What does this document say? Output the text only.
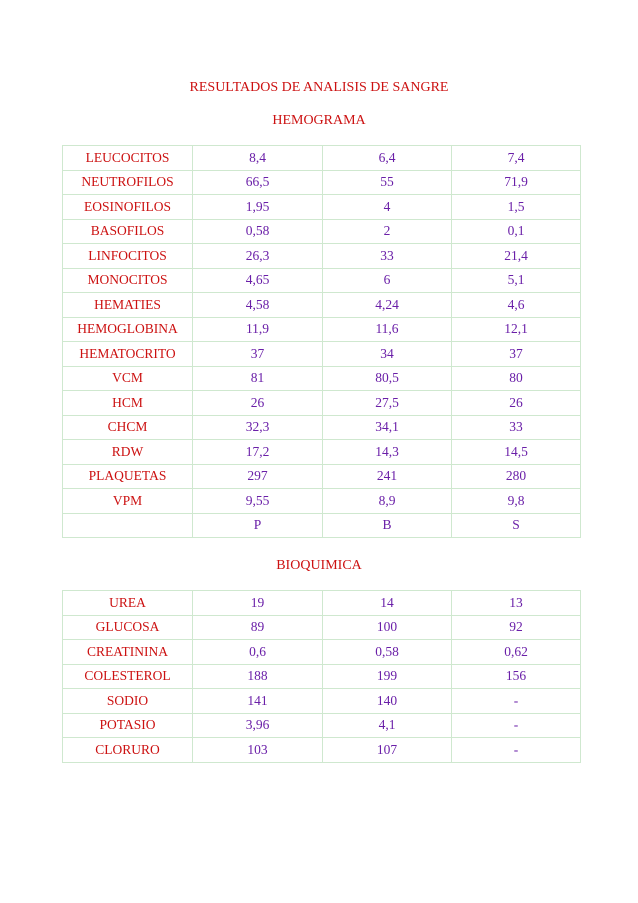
RESULTADOS DE ANALISIS DE SANGRE
HEMOGRAMA
LEUCOCITOS	8,4	6,4	7,4
NEUTROFILOS	66,5	55	71,9
EOSINOFILOS	1,95	4	1,5
BASOFILOS	0,58	2	0,1
LINFOCITOS	26,3	33	21,4
MONOCITOS	4,65	6	5,1
HEMATIES	4,58	4,24	4,6
HEMOGLOBINA	11,9	11,6	12,1
HEMATOCRITO	37	34	37
VCM	81	80,5	80
HCM	26	27,5	26
CHCM	32,3	34,1	33
RDW	17,2	14,3	14,5
PLAQUETAS	297	241	280
VPM	9,55	8,9	9,8
	P	B	S
BIOQUIMICA
UREA	19	14	13
GLUCOSA	89	100	92
CREATININA	0,6	0,58	0,62
COLESTEROL	188	199	156
SODIO	141	140	-
POTASIO	3,96	4,1	-
CLORURO	103	107	-
